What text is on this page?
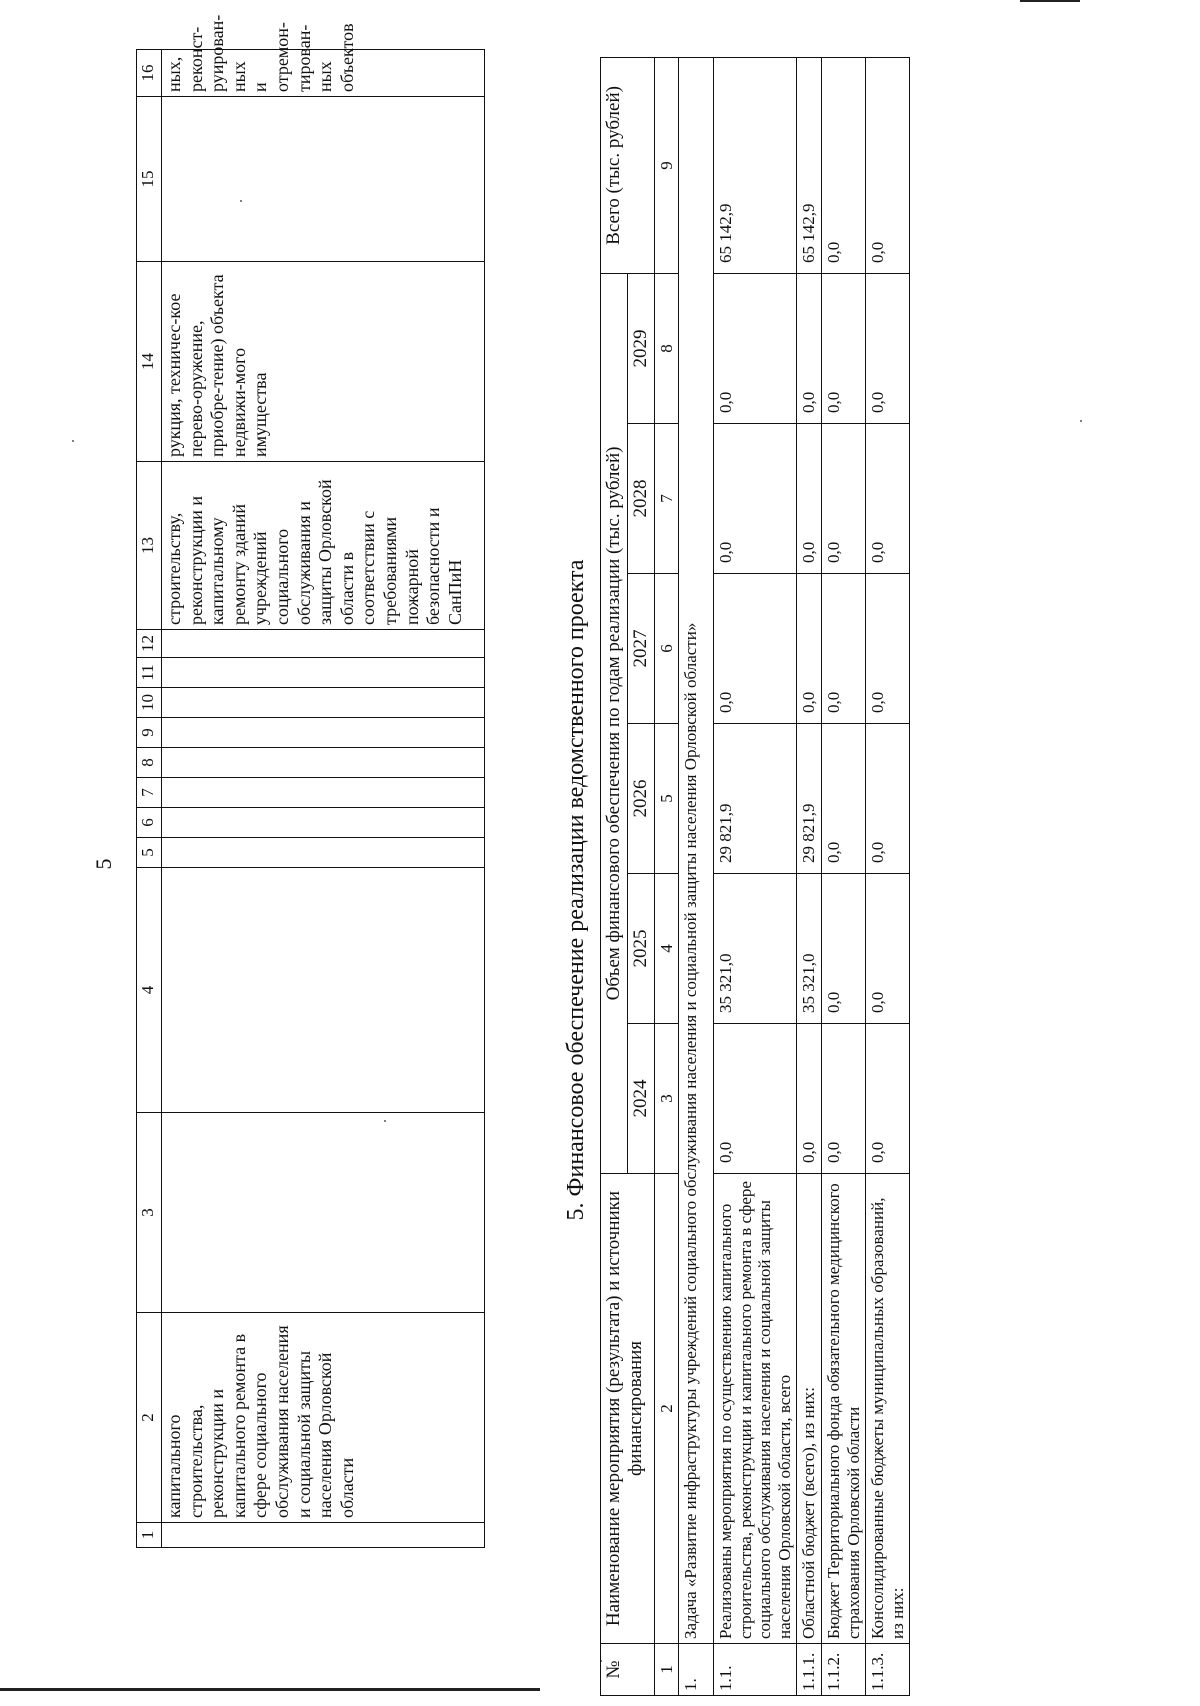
5
1	2	3	4	5	6	7	8	9	10	11	12	13	14	15	16
	капитального строительства, реконструкции и капитального ремонта в сфере социального обслуживания населения и социальной защиты населения Орловской области											строительству, реконструкции и капитальному ремонту зданий учреждений социального обслуживания и защиты Орловской области в соответствии с требованиями пожарной безопасности и СанПиН	рукция, техничес-кое перево-оружение, приобре-тение) объекта недвижи-мого имущества		ных, реконст-руирован-ных и отремон-тирован-ных объектов
5. Финансовое обеспечение реализации ведомственного проекта
№	Наименование мероприятия (результата) и источники финансирования	Объем финансового обеспечения по годам реализации (тыс. рублей)						Всего (тыс. рублей)
		2024	2025	2026	2027	2028	2029	
1	2	3	4	5	6	7	8	9
1.	Задача «Развитие инфраструктуры учреждений социального обслуживания населения и социальной защиты населения Орловской области»							
1.1.	Реализованы мероприятия по осуществлению капитального строительства, реконструкции и капитального ремонта в сфере социального обслуживания населения и социальной защиты населения Орловской области, всего	0,0	35 321,0	29 821,9	0,0	0,0	0,0	65 142,9
1.1.1.	Областной бюджет (всего), из них:	0,0	35 321,0	29 821,9	0,0	0,0	0,0	65 142,9
1.1.2.	Бюджет Территориального фонда обязательного медицинского страхования Орловской области	0,0	0,0	0,0	0,0	0,0	0,0	0,0
1.1.3.	Консолидированные бюджеты муниципальных образований, из них:	0,0	0,0	0,0	0,0	0,0	0,0	0,0
